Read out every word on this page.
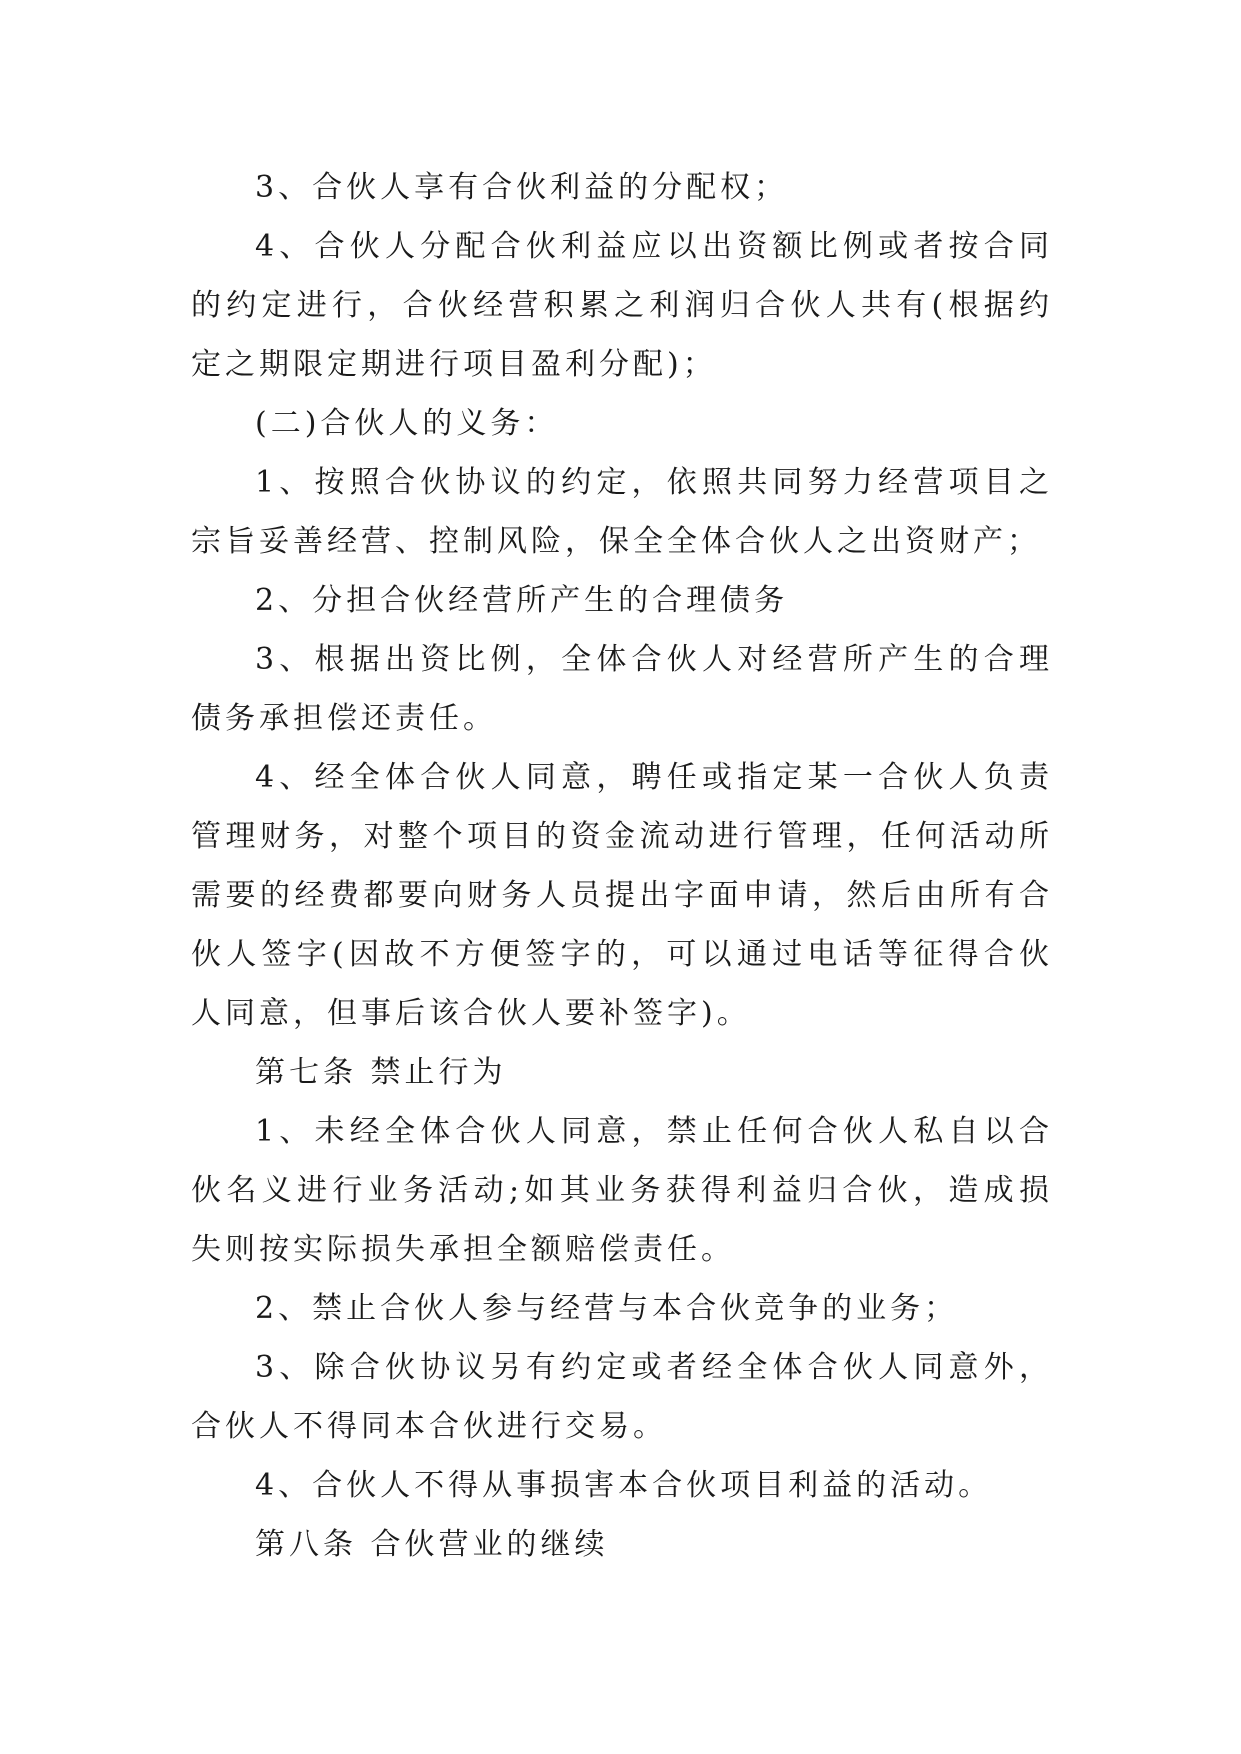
3、合伙人享有合伙利益的分配权；

4、合伙人分配合伙利益应以出资额比例或者按合同的约定进行，合伙经营积累之利润归合伙人共有(根据约定之期限定期进行项目盈利分配)；

(二)合伙人的义务：

1、按照合伙协议的约定，依照共同努力经营项目之宗旨妥善经营、控制风险，保全全体合伙人之出资财产；

2、分担合伙经营所产生的合理债务

3、根据出资比例，全体合伙人对经营所产生的合理债务承担偿还责任。

4、经全体合伙人同意，聘任或指定某一合伙人负责管理财务，对整个项目的资金流动进行管理，任何活动所需要的经费都要向财务人员提出字面申请，然后由所有合伙人签字(因故不方便签字的，可以通过电话等征得合伙人同意，但事后该合伙人要补签字)。

第七条 禁止行为

1、未经全体合伙人同意，禁止任何合伙人私自以合伙名义进行业务活动;如其业务获得利益归合伙，造成损失则按实际损失承担全额赔偿责任。

2、禁止合伙人参与经营与本合伙竞争的业务；

3、除合伙协议另有约定或者经全体合伙人同意外，合伙人不得同本合伙进行交易。

4、合伙人不得从事损害本合伙项目利益的活动。

第八条 合伙营业的继续
